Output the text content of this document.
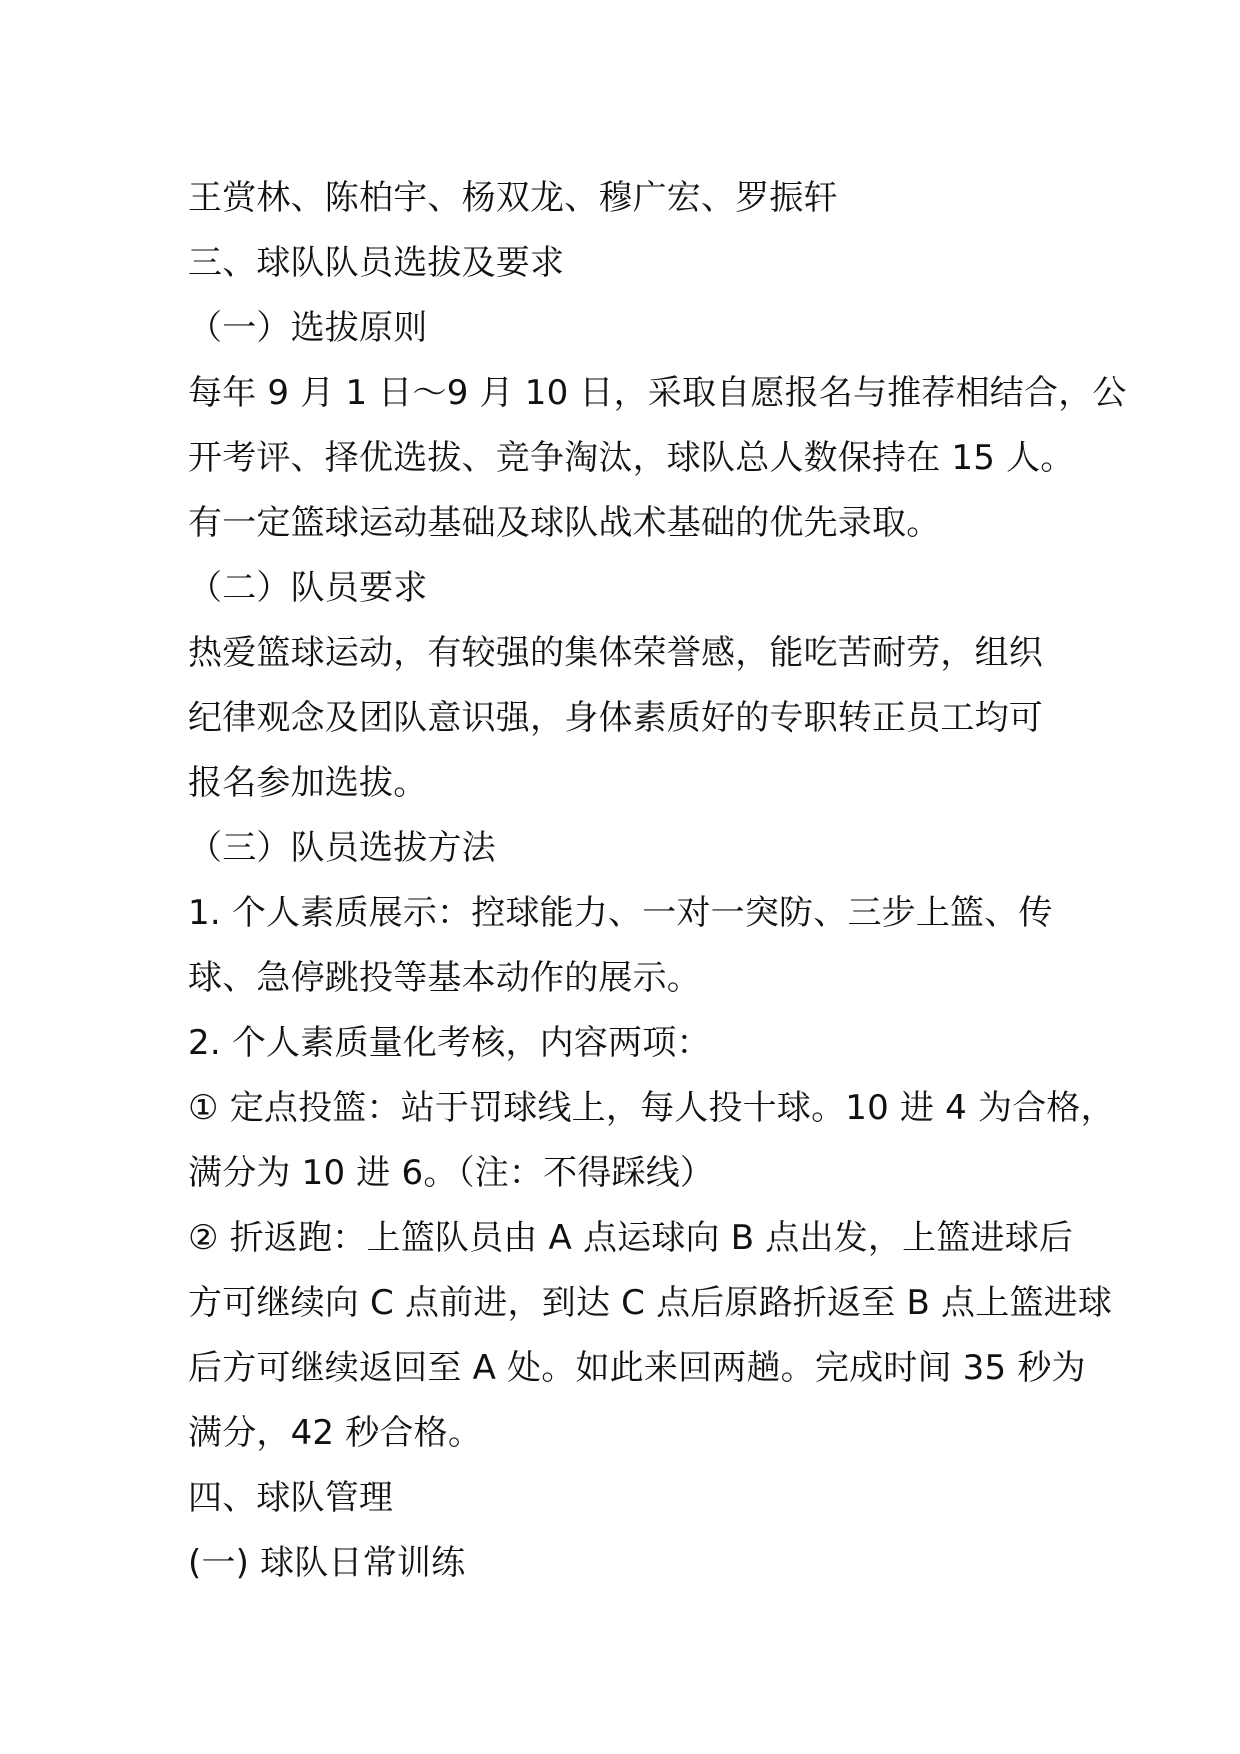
王赏林、陈柏宇、杨双龙、穆广宏、罗振轩
三、球队队员选拔及要求
（一）选拔原则
每年 9 月 1 日～9 月 10 日，采取自愿报名与推荐相结合，公
开考评、择优选拔、竞争淘汰，球队总人数保持在 15 人。
有一定篮球运动基础及球队战术基础的优先录取。
（二）队员要求
热爱篮球运动，有较强的集体荣誉感，能吃苦耐劳，组织
纪律观念及团队意识强，身体素质好的专职转正员工均可
报名参加选拔。
（三）队员选拔方法
1. 个人素质展示：控球能力、一对一突防、三步上篮、传
球、急停跳投等基本动作的展示。
2. 个人素质量化考核，内容两项：
① 定点投篮：站于罚球线上，每人投十球。10 进 4 为合格，
满分为 10 进 6。（注：不得踩线）
② 折返跑：上篮队员由 A 点运球向 B 点出发，上篮进球后
方可继续向 C 点前进，到达 C 点后原路折返至 B 点上篮进球
后方可继续返回至 A 处。如此来回两趟。完成时间 35 秒为
满分，42 秒合格。
四、球队管理
(一) 球队日常训练
